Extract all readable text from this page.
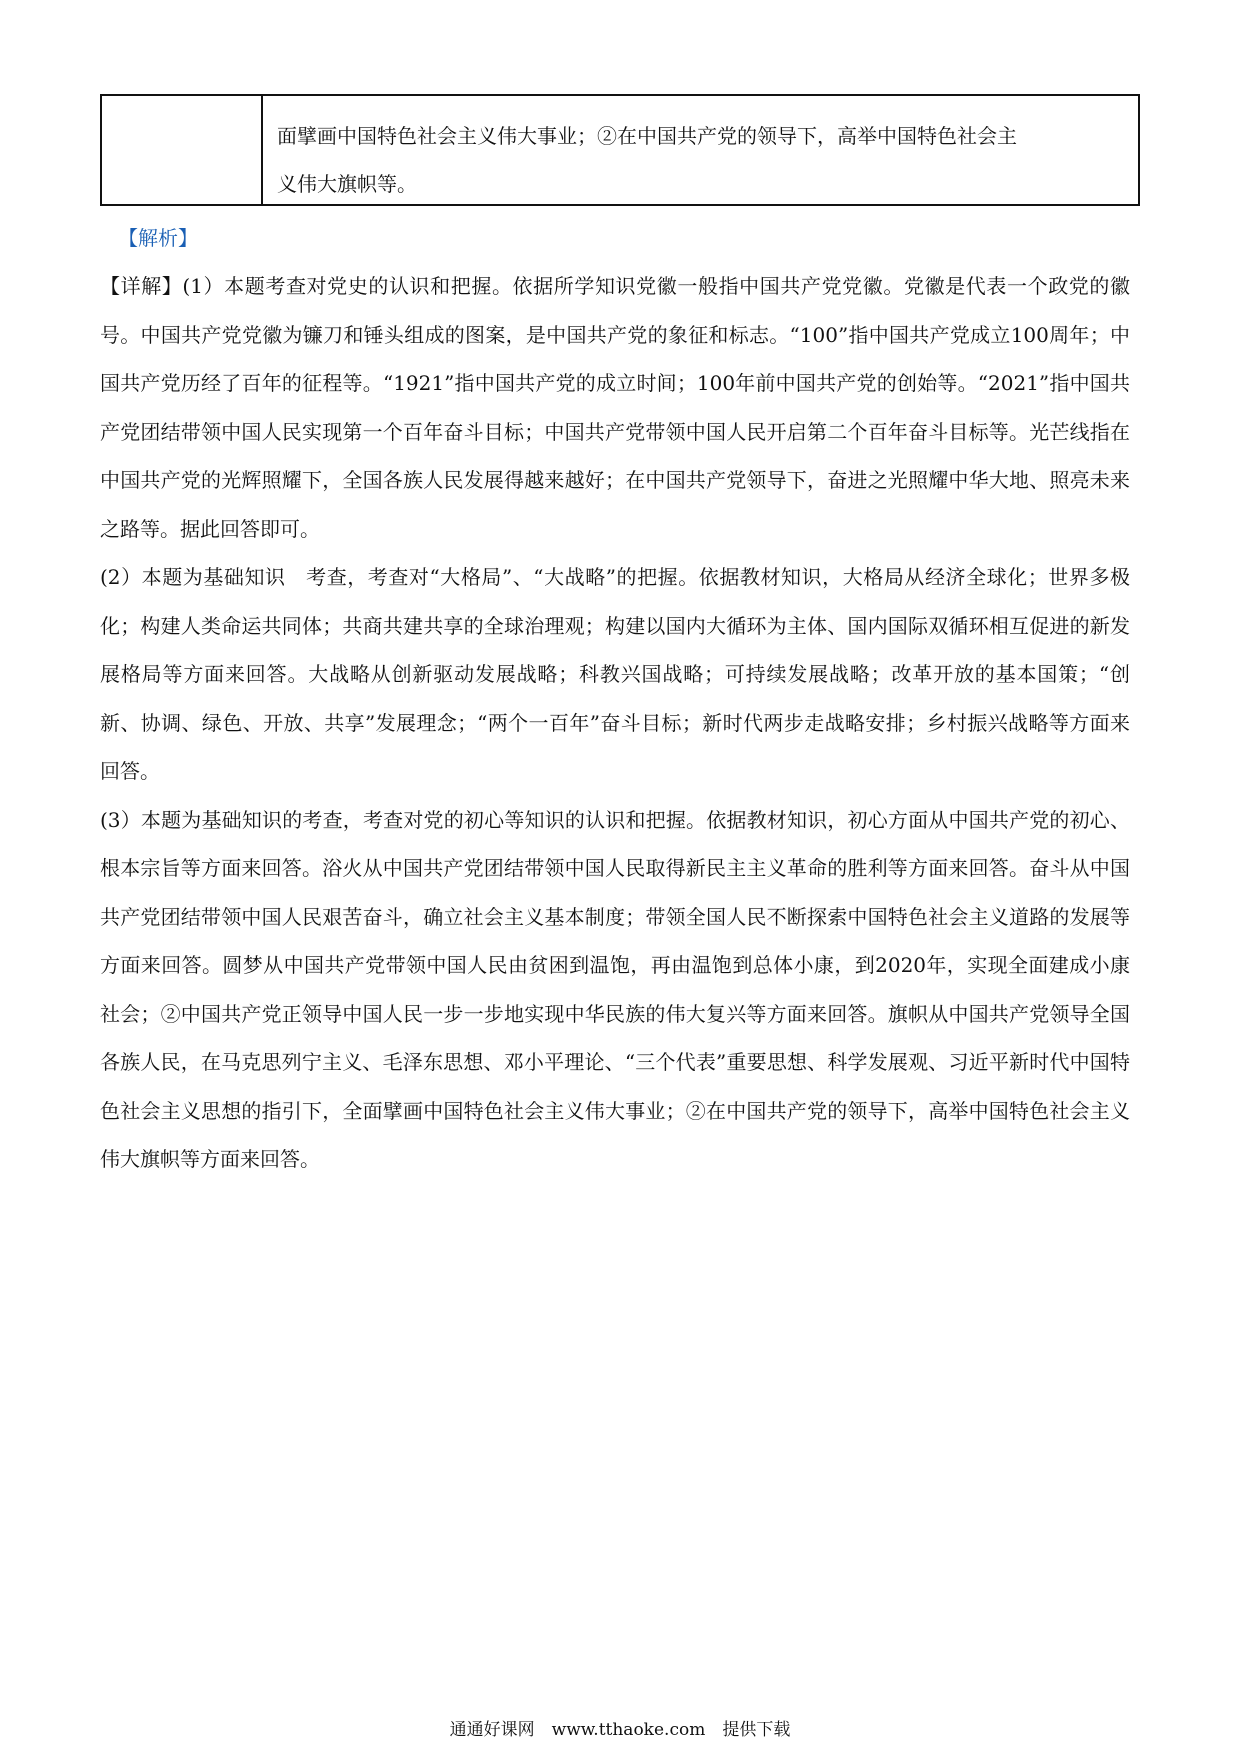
面擘画中国特色社会主义伟大事业；②在中国共产党的领导下，高举中国特色社会主
义伟大旗帜等。
【解析】

【详解】(1）本题考查对党史的认识和把握。依据所学知识党徽一般指中国共产党党徽。党徽是代表一个政党的徽号。中国共产党党徽为镰刀和锤头组成的图案，是中国共产党的象征和标志。“100”指中国共产党成立100周年；中国共产党历经了百年的征程等。“1921”指中国共产党的成立时间；100年前中国共产党的创始等。“2021”指中国共产党团结带领中国人民实现第一个百年奋斗目标；中国共产党带领中国人民开启第二个百年奋斗目标等。光芒线指在中国共产党的光辉照耀下，全国各族人民发展得越来越好；在中国共产党领导下，奋进之光照耀中华大地、照亮未来之路等。据此回答即可。

(2）本题为基础知识　考查，考查对“大格局”、“大战略”的把握。依据教材知识，大格局从经济全球化；世界多极化；构建人类命运共同体；共商共建共享的全球治理观；构建以国内大循环为主体、国内国际双循环相互促进的新发展格局等方面来回答。大战略从创新驱动发展战略；科教兴国战略；可持续发展战略；改革开放的基本国策；“创新、协调、绿色、开放、共享”发展理念；“两个一百年”奋斗目标；新时代两步走战略安排；乡村振兴战略等方面来回答。

(3）本题为基础知识的考查，考查对党的初心等知识的认识和把握。依据教材知识，初心方面从中国共产党的初心、根本宗旨等方面来回答。浴火从中国共产党团结带领中国人民取得新民主主义革命的胜利等方面来回答。奋斗从中国共产党团结带领中国人民艰苦奋斗，确立社会主义基本制度；带领全国人民不断探索中国特色社会主义道路的发展等方面来回答。圆梦从中国共产党带领中国人民由贫困到温饱，再由温饱到总体小康，到2020年，实现全面建成小康社会；②中国共产党正领导中国人民一步一步地实现中华民族的伟大复兴等方面来回答。旗帜从中国共产党领导全国各族人民，在马克思列宁主义、毛泽东思想、邓小平理论、“三个代表”重要思想、科学发展观、习近平新时代中国特色社会主义思想的指引下，全面擘画中国特色社会主义伟大事业；②在中国共产党的领导下，高举中国特色社会主义伟大旗帜等方面来回答。

通通好课网　www.tthaoke.com　提供下载
